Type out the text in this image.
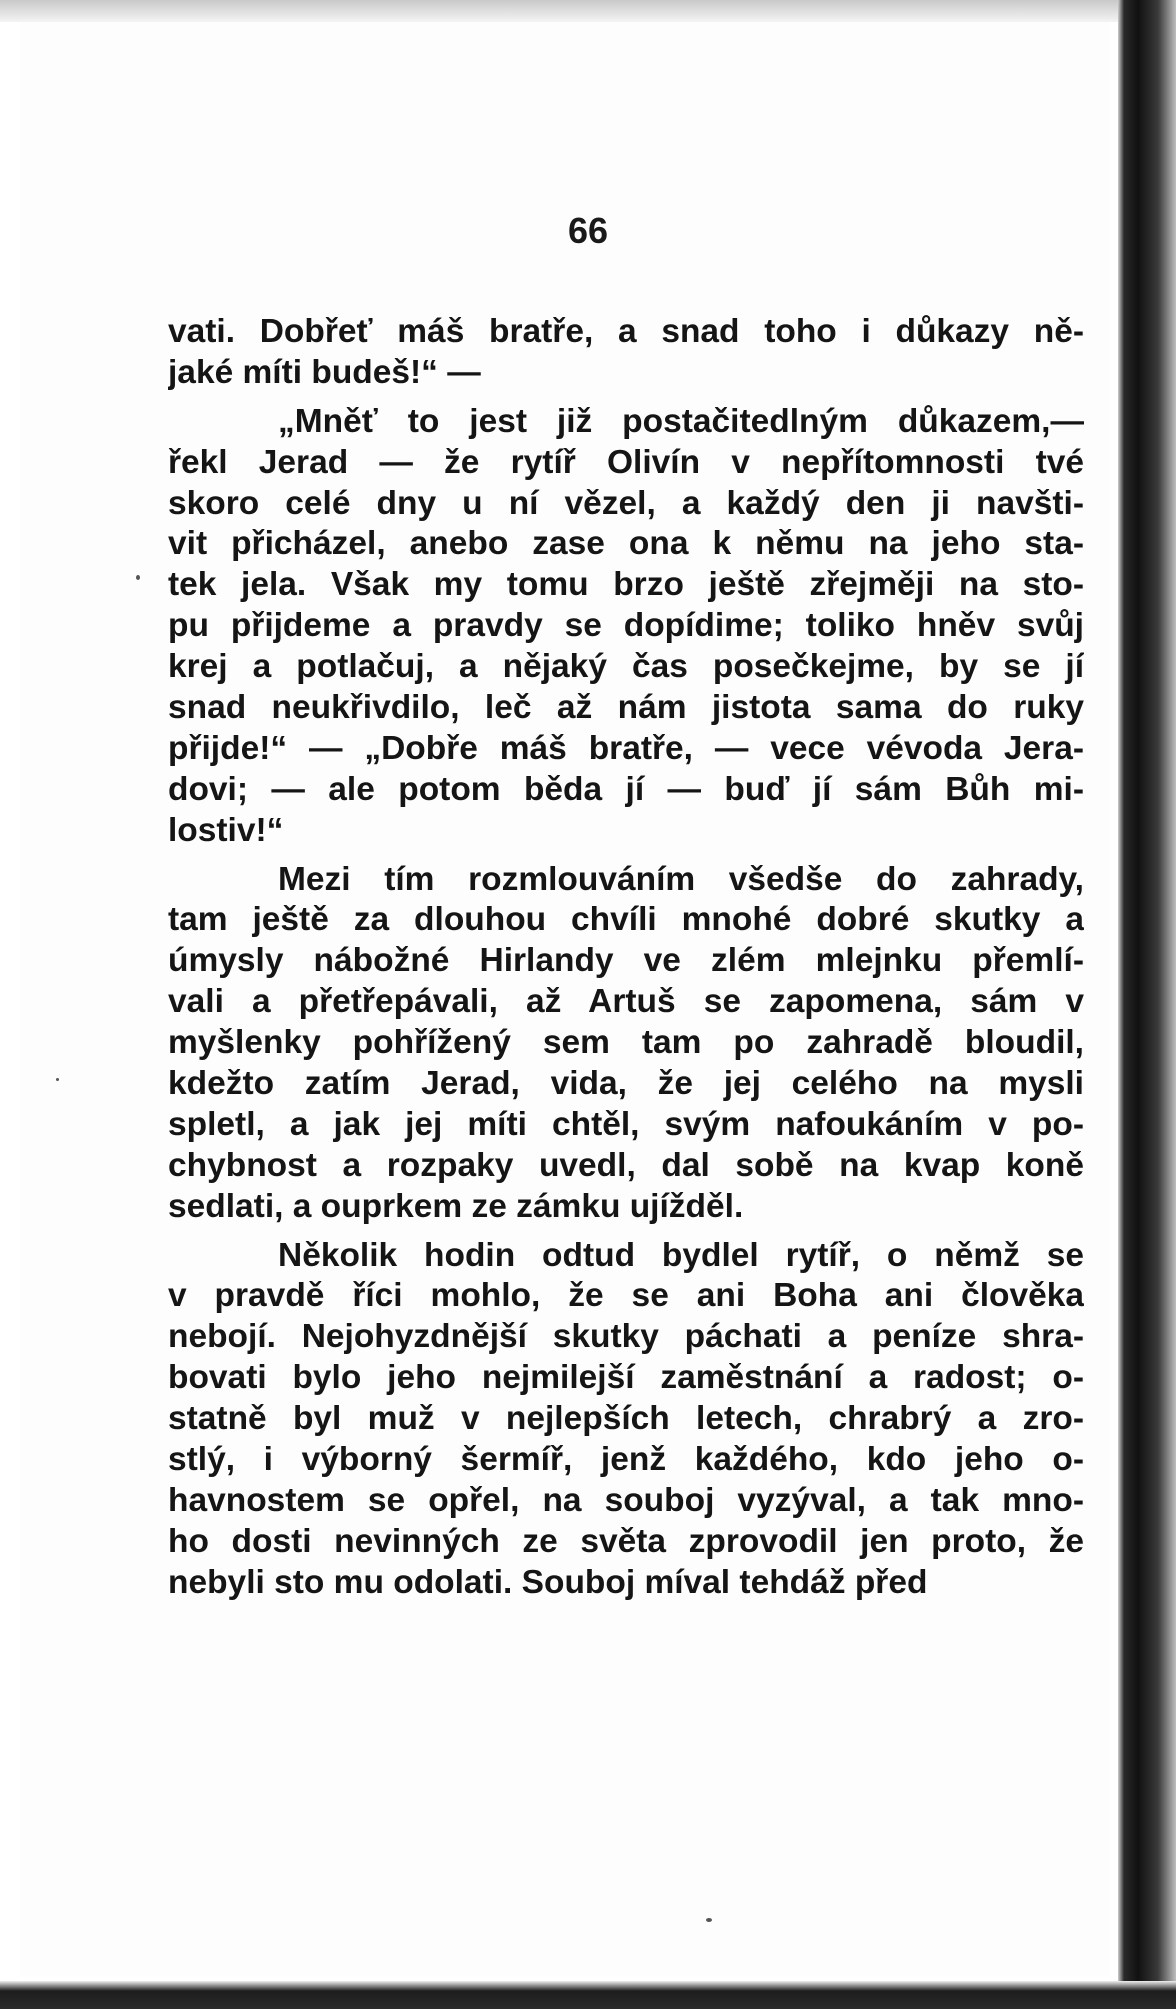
66
vati. Dobřeť máš bratře, a snad toho i důkazy ně-
jaké míti budeš!“ —
„Mněť to jest již postačitedlným důkazem,—
řekl Jerad — že rytíř Olivín v nepřítomnosti tvé
skoro celé dny u ní vězel, a každý den ji navšti-
vit přicházel, anebo zase ona k němu na jeho sta-
tek jela. Však my tomu brzo ještě zřejměji na sto-
pu přijdeme a pravdy se dopídime; toliko hněv svůj
krej a potlačuj, a nějaký čas posečkejme, by se jí
snad neukřivdilo, leč až nám jistota sama do ruky
přijde!“ — „Dobře máš bratře, — vece vévoda Jera-
dovi; — ale potom běda jí — buď jí sám Bůh mi-
lostiv!“
Mezi tím rozmlouváním všedše do zahrady,
tam ještě za dlouhou chvíli mnohé dobré skutky a
úmysly nábožné Hirlandy ve zlém mlejnku přemlí-
vali a přetřepávali, až Artuš se zapomena, sám v
myšlenky pohřížený sem tam po zahradě bloudil,
kdežto zatím Jerad, vida, že jej celého na mysli
spletl, a jak jej míti chtěl, svým nafoukáním v po-
chybnost a rozpaky uvedl, dal sobě na kvap koně
sedlati, a ouprkem ze zámku ujížděl.
Několik hodin odtud bydlel rytíř, o němž se
v pravdě říci mohlo, že se ani Boha ani člověka
nebojí. Nejohyzdnější skutky páchati a peníze shra-
bovati bylo jeho nejmilejší zaměstnání a radost; o-
statně byl muž v nejlepších letech, chrabrý a zro-
stlý, i výborný šermíř, jenž každého, kdo jeho o-
havnostem se opřel, na souboj vyzýval, a tak mno-
ho dosti nevinných ze světa zprovodil jen proto, že
nebyli sto mu odolati. Souboj míval tehdáž před
